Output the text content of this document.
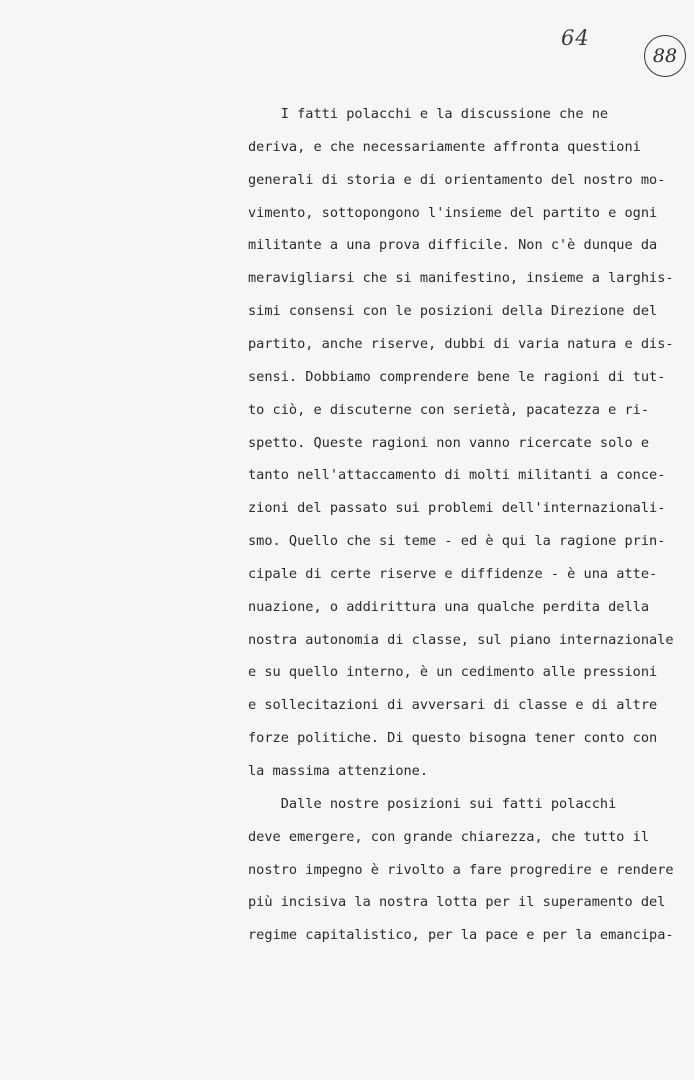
64
88
I fatti polacchi e la discussione che ne
deriva, e che necessariamente affronta questioni
generali di storia e di orientamento del nostro mo-
vimento, sottopongono l'insieme del partito e ogni
militante a una prova difficile. Non c'è dunque da
meravigliarsi che si manifestino, insieme a larghis-
simi consensi con le posizioni della Direzione del
partito, anche riserve, dubbi di varia natura e dis-
sensi. Dobbiamo comprendere bene le ragioni di tut-
to ciò, e discuterne con serietà, pacatezza e ri-
spetto. Queste ragioni non vanno ricercate solo e
tanto nell'attaccamento di molti militanti a conce-
zioni del passato sui problemi dell'internazionali-
smo. Quello che si teme - ed è qui la ragione prin-
cipale di certe riserve e diffidenze - è una atte-
nuazione, o addirittura una qualche perdita della
nostra autonomia di classe, sul piano internazionale
e su quello interno, è un cedimento alle pressioni
e sollecitazioni di avversari di classe e di altre
forze politiche. Di questo bisogna tener conto con
la massima attenzione.
Dalle nostre posizioni sui fatti polacchi
deve emergere, con grande chiarezza, che tutto il
nostro impegno è rivolto a fare progredire e rendere
più incisiva la nostra lotta per il superamento del
regime capitalistico, per la pace e per la emancipa-
